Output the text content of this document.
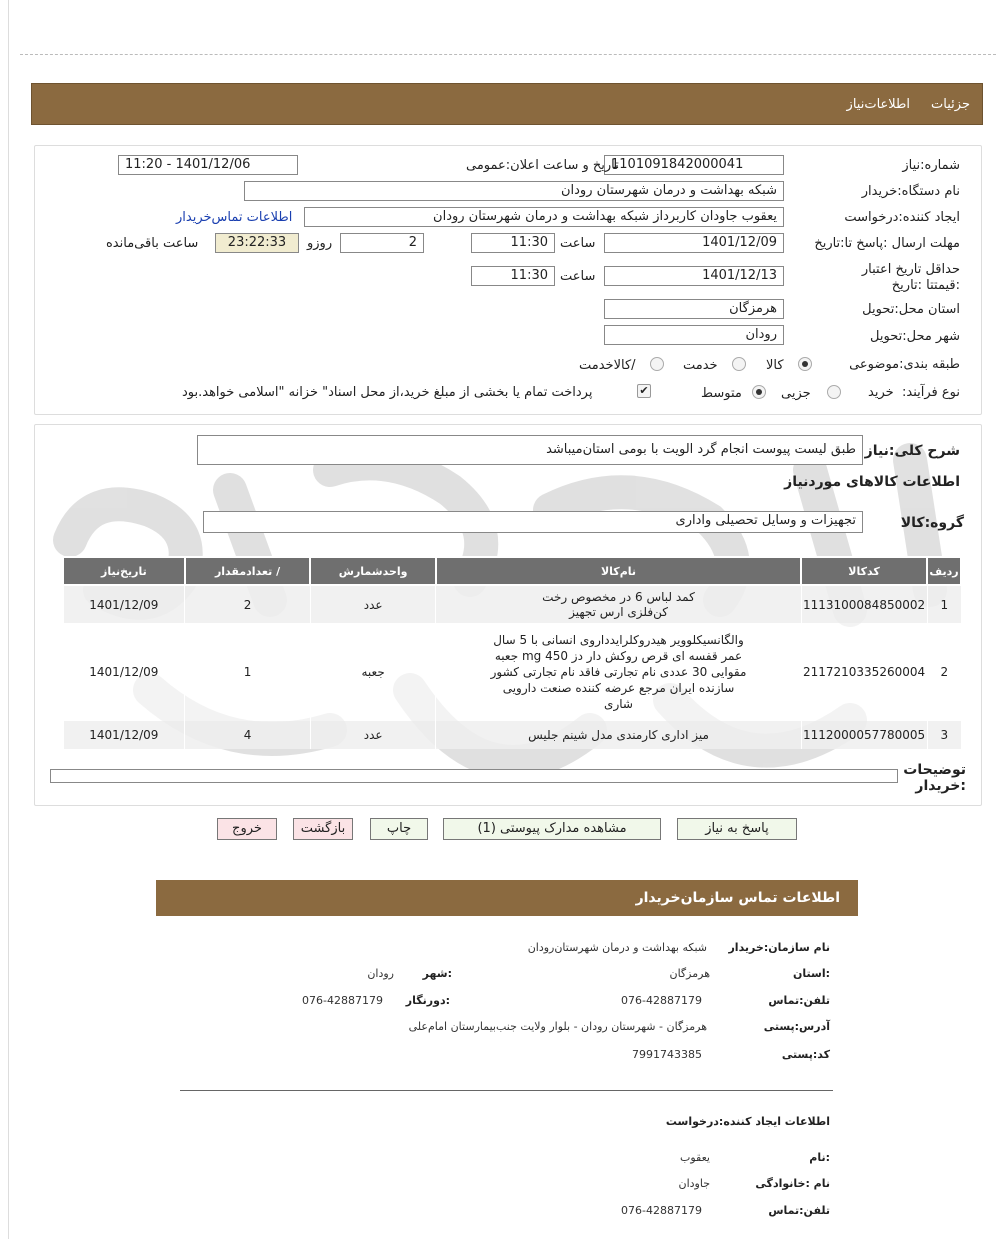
جزئیات
اطلاعات‌نیاز
شماره:نیاز
1101091842000041
تاریخ و ساعت اعلان:عمومی
1401/12/06 - 11:20
نام دستگاه:خریدار
شبکه بهداشت و درمان شهرستان رودان
ایجاد کننده:درخواست
یعقوب جاودان کاربرداز شبکه بهداشت و درمان شهرستان رودان
اطلاعات تماس‌خریدار
مهلت ارسال :پاسخ تا:تاریخ
1401/12/09
ساعت
11:30
2
روزو
23:22:33
ساعت باقی‌مانده
حداقل تاریخ اعتبار :قیمتتا :تاریخ
1401/12/13
ساعت
11:30
استان محل:تحویل
هرمزگان
شهر محل:تحویل
رودان
طبقه بندی:موضوعی
کالا
خدمت
/کالاخدمت
نوع فرآیند:
خرید
جزیی
متوسط
✔
پرداخت تمام یا بخشی از مبلغ خرید،از محل اسناد" خزانه "اسلامی خواهد.بود
شرح کلی:نیاز
طبق لیست پیوست انجام گرد الویت با بومی استان‌میباشد
اطلاعات کالاهای موردنیاز
گروه:کالا
تجهیزات و وسایل تحصیلی واداری
ردیف	کدکالا	نام‌کالا	واحدشمارش	/ تعدادمقدار	تاریخ‌نیاز
1	1113100084850002	کمد لباس 6 در مخصوص رخت کن‌فلزی ارس تجهیز	عدد	2	1401/12/09
2	2117210335260004	والگانسیکلوویر هیدروکلرایدداروی انسانی با 5 سال عمر قفسه ای قرص روکش دار دز 450 mg جعبه مقوایی 30 عددی نام تجارتی فاقد نام تجارتی کشور سازنده ایران مرجع عرضه کننده صنعت دارویی شاری	جعبه	1	1401/12/09
3	1112000057780005	میز اداری کارمندی مدل شینم جلیس	عدد	4	1401/12/09
توضیحات :خریدار
پاسخ به نیاز
مشاهده مدارک پیوستی (1)
چاپ
بازگشت
خروج
اطلاعات تماس سازمان‌خریدار
نام سازمان:خریدار
شبکه بهداشت و درمان شهرستان‌رودان
:استان
هرمزگان
:شهر
رودان
تلفن:تماس
076-42887179
:دورنگار
076-42887179
آدرس:پستی
هرمزگان - شهرستان رودان - بلوار ولایت جنب‌بیمارستان امام‌علی
کد:پستی
7991743385
اطلاعات ایجاد کننده:درخواست
:نام
یعقوب
نام :خانوادگی
جاودان
تلفن:تماس
076-42887179
